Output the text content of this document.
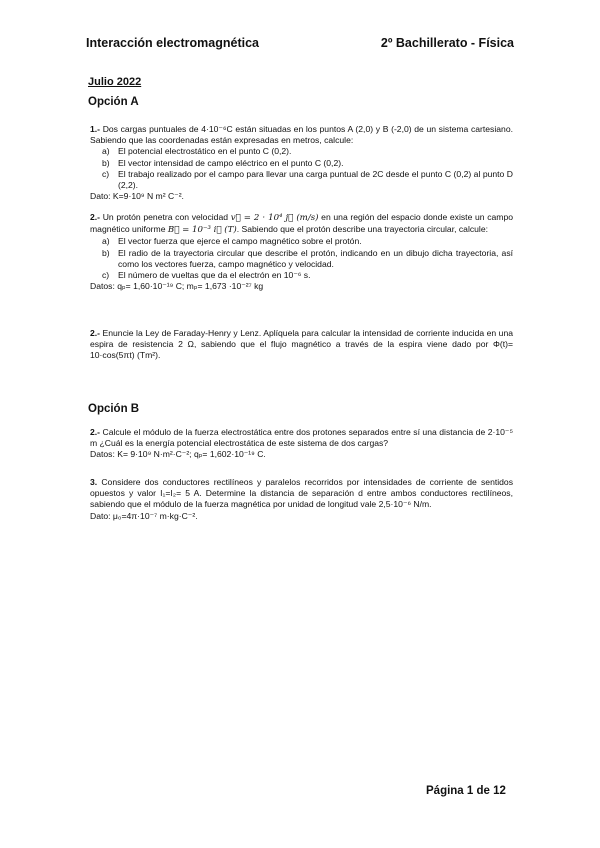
Interacción electromagnética	2º Bachillerato - Física
Julio 2022
Opción A

1.- Dos cargas puntuales de 4·10⁻⁶C están situadas en los puntos A (2,0) y B (-2,0) de un sistema cartesiano. Sabiendo que las coordenadas están expresadas en metros, calcule:

a) El potencial electrostático en el punto C (0,2).
b) El vector intensidad de campo eléctrico en el punto C (0,2).
c) El trabajo realizado por el campo para llevar una carga puntual de 2C desde el punto C (0,2) al punto D (2,2).

Dato: K=9·10⁹ N m² C⁻².

2.- Un protón penetra con velocidad v⃗ = 2 · 10⁴ j⃗ (m/s) en una región del espacio donde existe un campo magnético uniforme B⃗ = 10⁻³ i⃗ (T). Sabiendo que el protón describe una trayectoria circular, calcule:

a) El vector fuerza que ejerce el campo magnético sobre el protón.
b) El radio de la trayectoria circular que describe el protón, indicando en un dibujo dicha trayectoria, así como los vectores fuerza, campo magnético y velocidad.
c) El número de vueltas que da el electrón en 10⁻⁶ s.

Datos: qₚ= 1,60·10⁻¹⁹ C; mₚ= 1,673 ·10⁻²⁷ kg

2.- Enuncie la Ley de Faraday-Henry y Lenz. Aplíquela para calcular la intensidad de corriente inducida en una espira de resistencia 2 Ω, sabiendo que el flujo magnético a través de la espira viene dado por Φ(t)= 10·cos(5πt) (Tm²).

Opción B

2.- Calcule el módulo de la fuerza electrostática entre dos protones separados entre sí una distancia de 2·10⁻⁵ m ¿Cuál es la energía potencial electrostática de este sistema de dos cargas?

Datos: K= 9·10⁹ N·m²·C⁻²; qₚ= 1,602·10⁻¹⁹ C.

3. Considere dos conductores rectilíneos y paralelos recorridos por intensidades de corriente de sentidos opuestos y valor I₁=I₂= 5 A. Determine la distancia de separación d entre ambos conductores rectilíneos, sabiendo que el módulo de la fuerza magnética por unidad de longitud vale 2,5·10⁻⁶ N/m.

Dato: μ₀=4π·10⁻⁷ m·kg·C⁻².

Página 1 de 12
